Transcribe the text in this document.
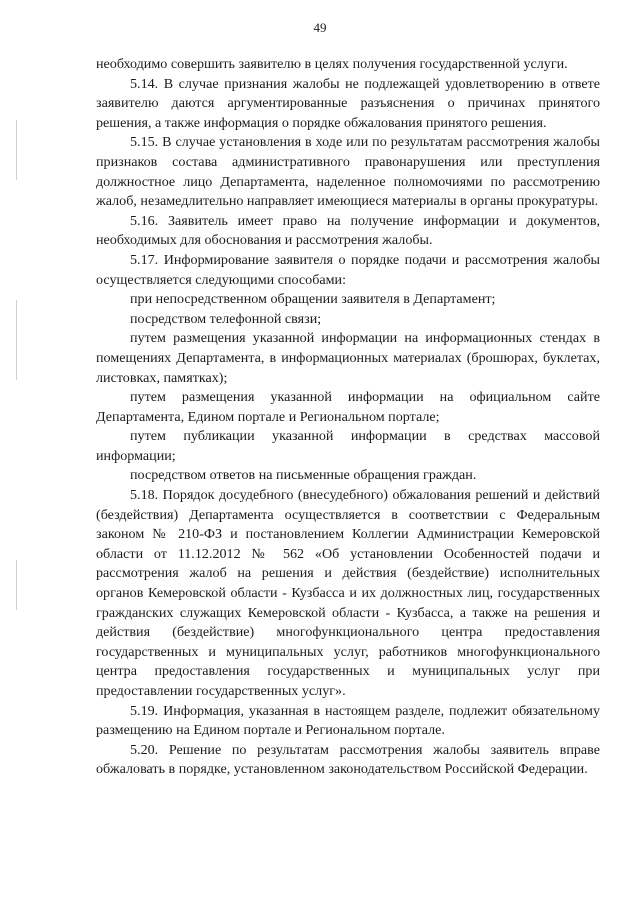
49

необходимо совершить заявителю в целях получения государственной услуги.

5.14. В случае признания жалобы не подлежащей удовлетворению в ответе заявителю даются аргументированные разъяснения о причинах принятого решения, а также информация о порядке обжалования принятого решения.

5.15. В случае установления в ходе или по результатам рассмотрения жалобы признаков состава административного правонарушения или преступления должностное лицо Департамента, наделенное полномочиями по рассмотрению жалоб, незамедлительно направляет имеющиеся материалы в органы прокуратуры.

5.16. Заявитель имеет право на получение информации и документов, необходимых для обоснования и рассмотрения жалобы.

5.17. Информирование заявителя о порядке подачи и рассмотрения жалобы осуществляется следующими способами:

при непосредственном обращении заявителя в Департамент;

посредством телефонной связи;

путем размещения указанной информации на информационных стендах в помещениях Департамента, в информационных материалах (брошюрах, буклетах, листовках, памятках);

путем размещения указанной информации на официальном сайте Департамента, Едином портале и Региональном портале;

путем публикации указанной информации в средствах массовой информации;

посредством ответов на письменные обращения граждан.

5.18. Порядок досудебного (внесудебного) обжалования решений и действий (бездействия) Департамента осуществляется в соответствии с Федеральным законом № 210-ФЗ и постановлением Коллегии Администрации Кемеровской области от 11.12.2012 № 562 «Об установлении Особенностей подачи и рассмотрения жалоб на решения и действия (бездействие) исполнительных органов Кемеровской области - Кузбасса и их должностных лиц, государственных гражданских служащих Кемеровской области - Кузбасса, а также на решения и действия (бездействие) многофункционального центра предоставления государственных и муниципальных услуг, работников многофункционального центра предоставления государственных и муниципальных услуг при предоставлении государственных услуг».

5.19. Информация, указанная в настоящем разделе, подлежит обязательному размещению на Едином портале и Региональном портале.

5.20. Решение по результатам рассмотрения жалобы заявитель вправе обжаловать в порядке, установленном законодательством Российской Федерации.
